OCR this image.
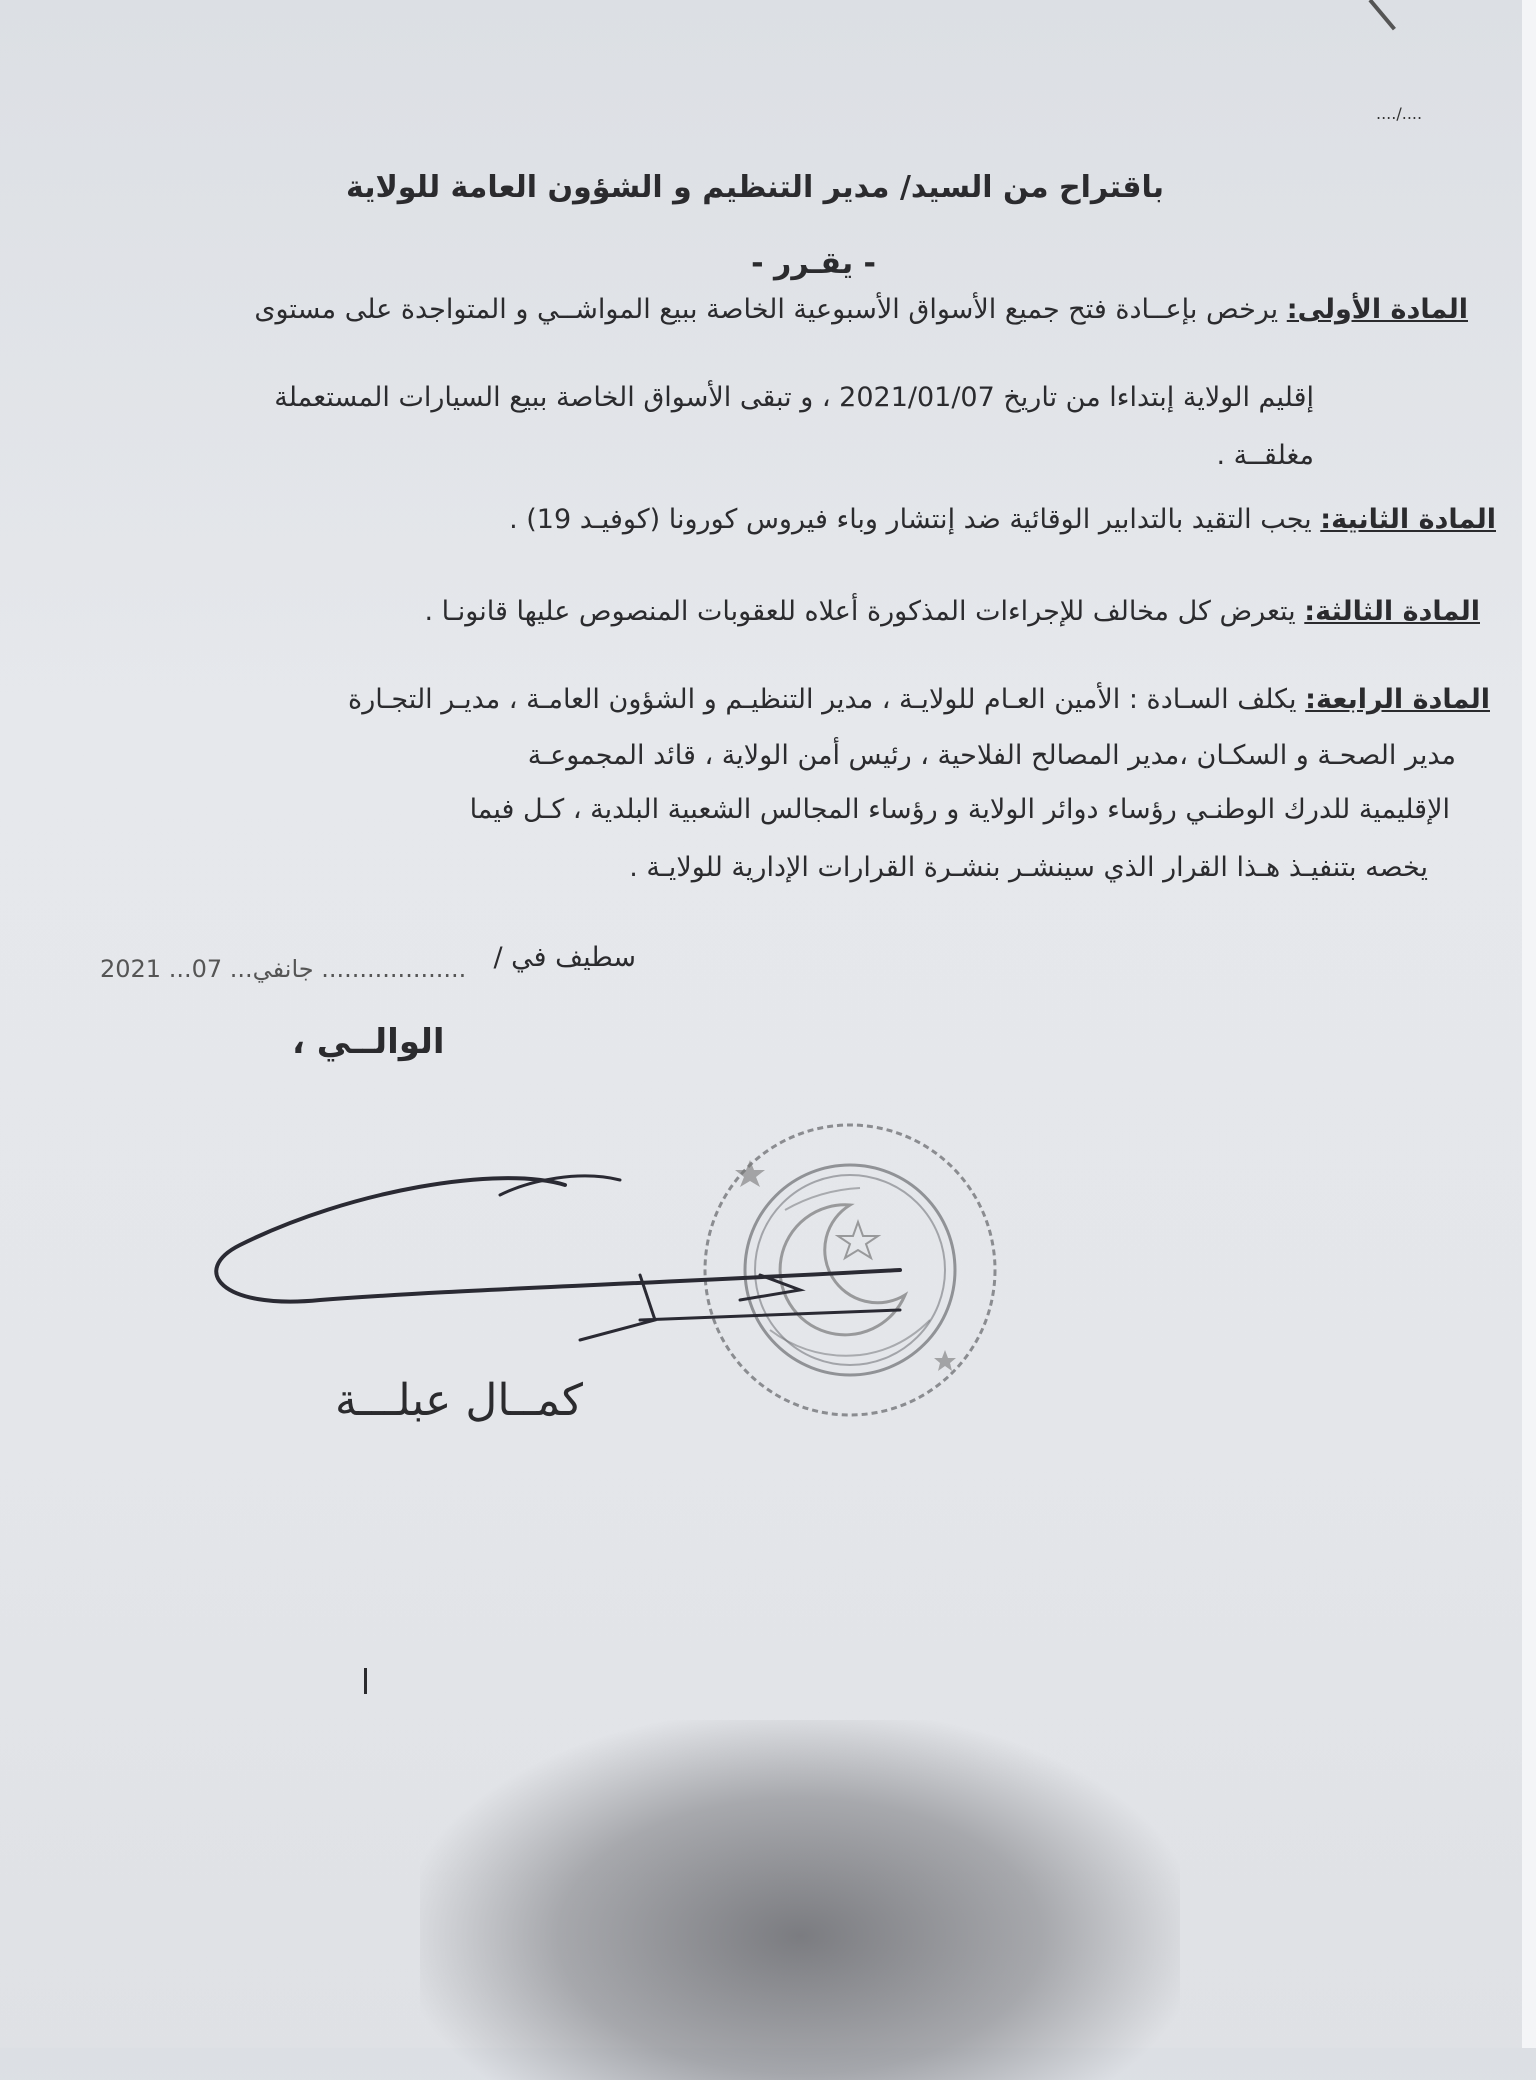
..../....
باقتراح من السيد/ مدير التنظيم و الشؤون العامة للولاية
- يقـرر -
المادة الأولى: يرخص بإعــادة فتح جميع الأسواق الأسبوعية الخاصة ببيع المواشــي و المتواجدة على مستوى
إقليم الولاية إبتداءا من تاريخ 2021/01/07 ، و تبقى الأسواق الخاصة ببيع السيارات المستعملة
مغلقــة .
المادة الثانية: يجب التقيد بالتدابير الوقائية ضد إنتشار وباء فيروس كورونا (كوفيـد 19) .
المادة الثالثة: يتعرض كل مخالف للإجراءات المذكورة أعلاه للعقوبات المنصوص عليها قانونـا .
المادة الرابعة: يكلف السـادة : الأمين العـام للولايـة ، مدير التنظيـم و الشؤون العامـة ، مديـر التجـارة
مدير الصحـة و السكـان ،مدير المصالح الفلاحية ، رئيس أمن الولاية ، قائد المجموعـة
الإقليمية للدرك الوطنـي رؤساء دوائر الولاية و رؤساء المجالس الشعبية البلدية ، كـل فيما
يخصه بتنفيـذ هـذا القرار الذي سينشـر بنشـرة القرارات الإدارية للولايـة .
سطيف في /
2021 ...جانفي... 07 ...................
الوالــي ،
كمــال عبلـــة
